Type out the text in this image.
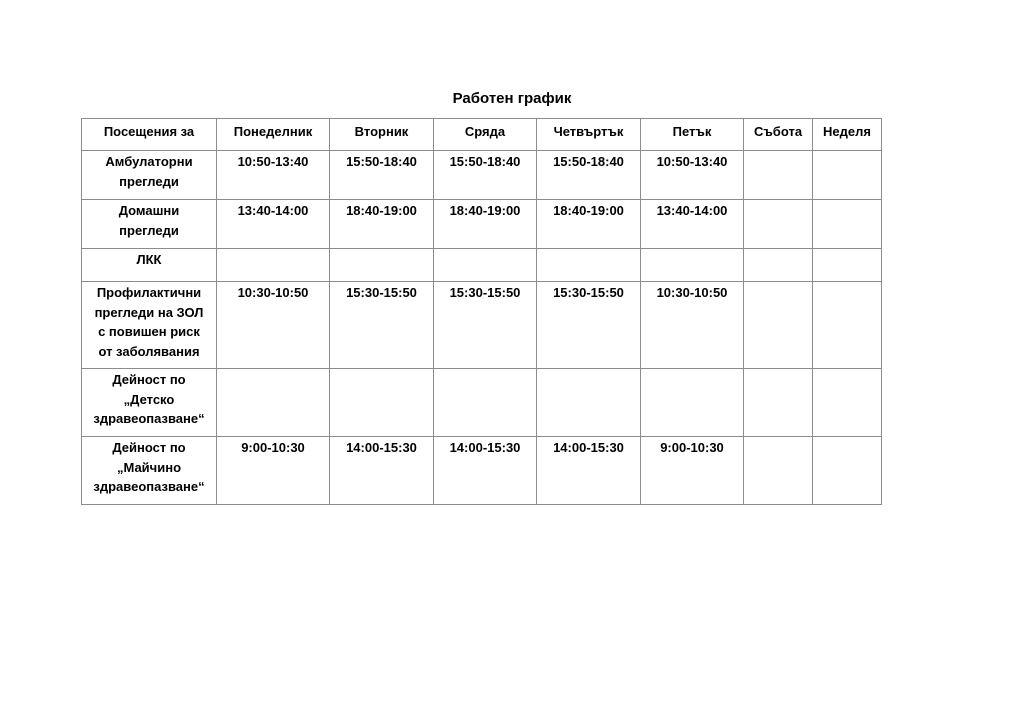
Работен график
Посещения за	Понеделник	Вторник	Сряда	Четвъртък	Петък	Събота	Неделя

Амбулаторни
прегледи	10:50-13:40	15:50-18:40	15:50-18:40	15:50-18:40	10:50-13:40		

Домашни
прегледи	13:40-14:00	18:40-19:00	18:40-19:00	18:40-19:00	13:40-14:00		

ЛКК							

Профилактични
прегледи на ЗОЛ
с повишен риск
от заболявания	10:30-10:50	15:30-15:50	15:30-15:50	15:30-15:50	10:30-10:50		

Дейност по
„Детско
здравеопазване“							

Дейност по
„Майчино
здравеопазване“	9:00-10:30	14:00-15:30	14:00-15:30	14:00-15:30	9:00-10:30		
